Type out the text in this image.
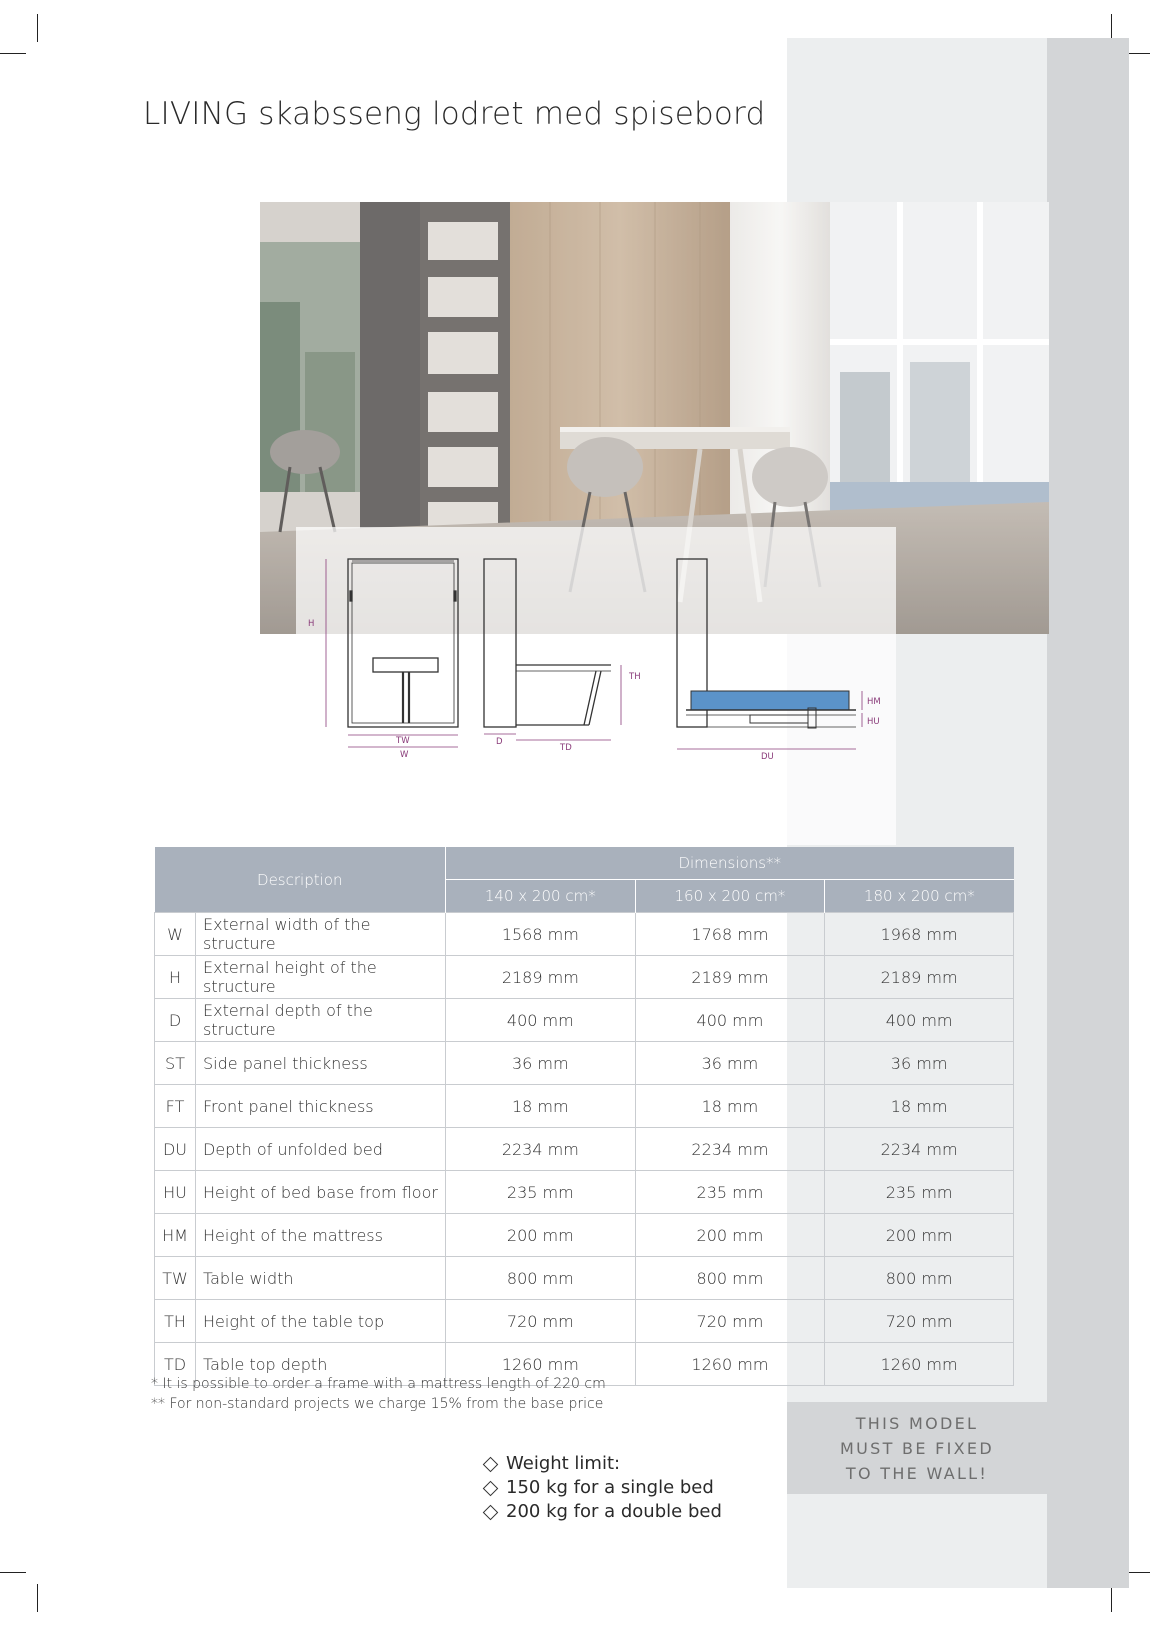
LIVING skabsseng lodret med spisebord
H
TW
W
TH
D
TD
HM
HU
DU
Description		Dimensions**		
		140 x 200 cm*	160 x 200 cm*	180 x 200 cm*
W	External width of the structure	1568 mm	1768 mm	1968 mm
H	External height of the structure	2189 mm	2189 mm	2189 mm
D	External depth of the structure	400 mm	400 mm	400 mm
ST	Side panel thickness	36 mm	36 mm	36 mm
FT	Front panel thickness	18 mm	18 mm	18 mm
DU	Depth of unfolded bed	2234 mm	2234 mm	2234 mm
HU	Height of bed base from floor	235 mm	235 mm	235 mm
HM	Height of the mattress	200 mm	200 mm	200 mm
TW	Table width	800 mm	800 mm	800 mm
TH	Height of the table top	720 mm	720 mm	720 mm
TD	Table top depth	1260 mm	1260 mm	1260 mm
* It is possible to order a frame with a mattress length of 220 cm
** For non-standard projects we charge 15% from the base price
THIS MODEL
MUST BE FIXED
TO THE WALL!
Weight limit:
150 kg for a single bed
200 kg for a double bed
